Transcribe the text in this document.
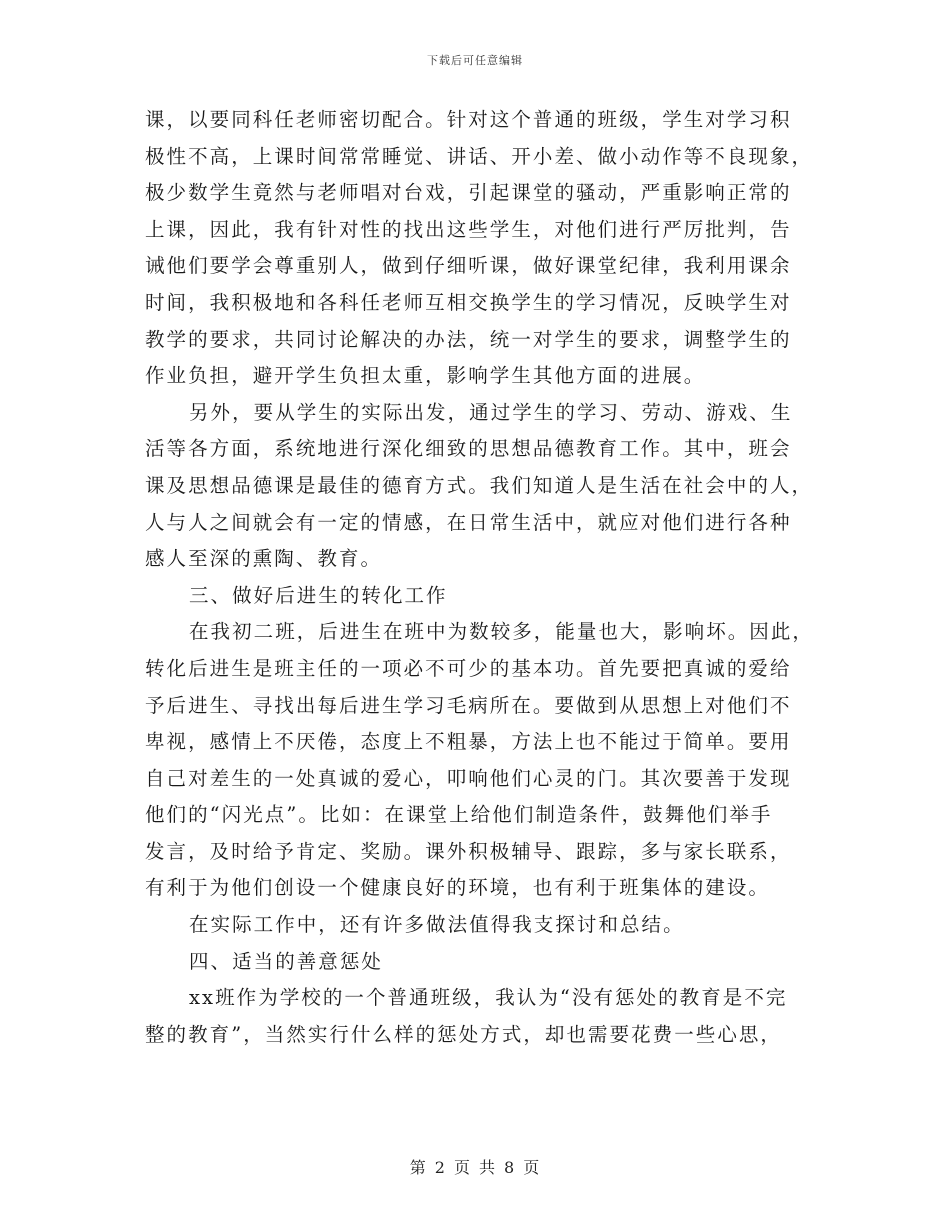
下载后可任意编辑
课，以要同科任老师密切配合。针对这个普通的班级，学生对学习积
极性不高，上课时间常常睡觉、讲话、开小差、做小动作等不良现象，
极少数学生竟然与老师唱对台戏，引起课堂的骚动，严重影响正常的
上课，因此，我有针对性的找出这些学生，对他们进行严厉批判，告
诫他们要学会尊重别人，做到仔细听课，做好课堂纪律，我利用课余
时间，我积极地和各科任老师互相交换学生的学习情况，反映学生对
教学的要求，共同讨论解决的办法，统一对学生的要求，调整学生的
作业负担，避开学生负担太重，影响学生其他方面的进展。
另外，要从学生的实际出发，通过学生的学习、劳动、游戏、生
活等各方面，系统地进行深化细致的思想品德教育工作。其中，班会
课及思想品德课是最佳的德育方式。我们知道人是生活在社会中的人，
人与人之间就会有一定的情感，在日常生活中，就应对他们进行各种
感人至深的熏陶、教育。
三、做好后进生的转化工作
在我初二班，后进生在班中为数较多，能量也大，影响坏。因此，
转化后进生是班主任的一项必不可少的基本功。首先要把真诚的爱给
予后进生、寻找出每后进生学习毛病所在。要做到从思想上对他们不
卑视，感情上不厌倦，态度上不粗暴，方法上也不能过于简单。要用
自己对差生的一处真诚的爱心，叩响他们心灵的门。其次要善于发现
他们的“闪光点”。比如：在课堂上给他们制造条件，鼓舞他们举手
发言，及时给予肯定、奖励。课外积极辅导、跟踪，多与家长联系，
有利于为他们创设一个健康良好的环境，也有利于班集体的建设。
在实际工作中，还有许多做法值得我支探讨和总结。
四、适当的善意惩处
xx班作为学校的一个普通班级，我认为“没有惩处的教育是不完
整的教育”，当然实行什么样的惩处方式，却也需要花费一些心思，
第 2 页 共 8 页
